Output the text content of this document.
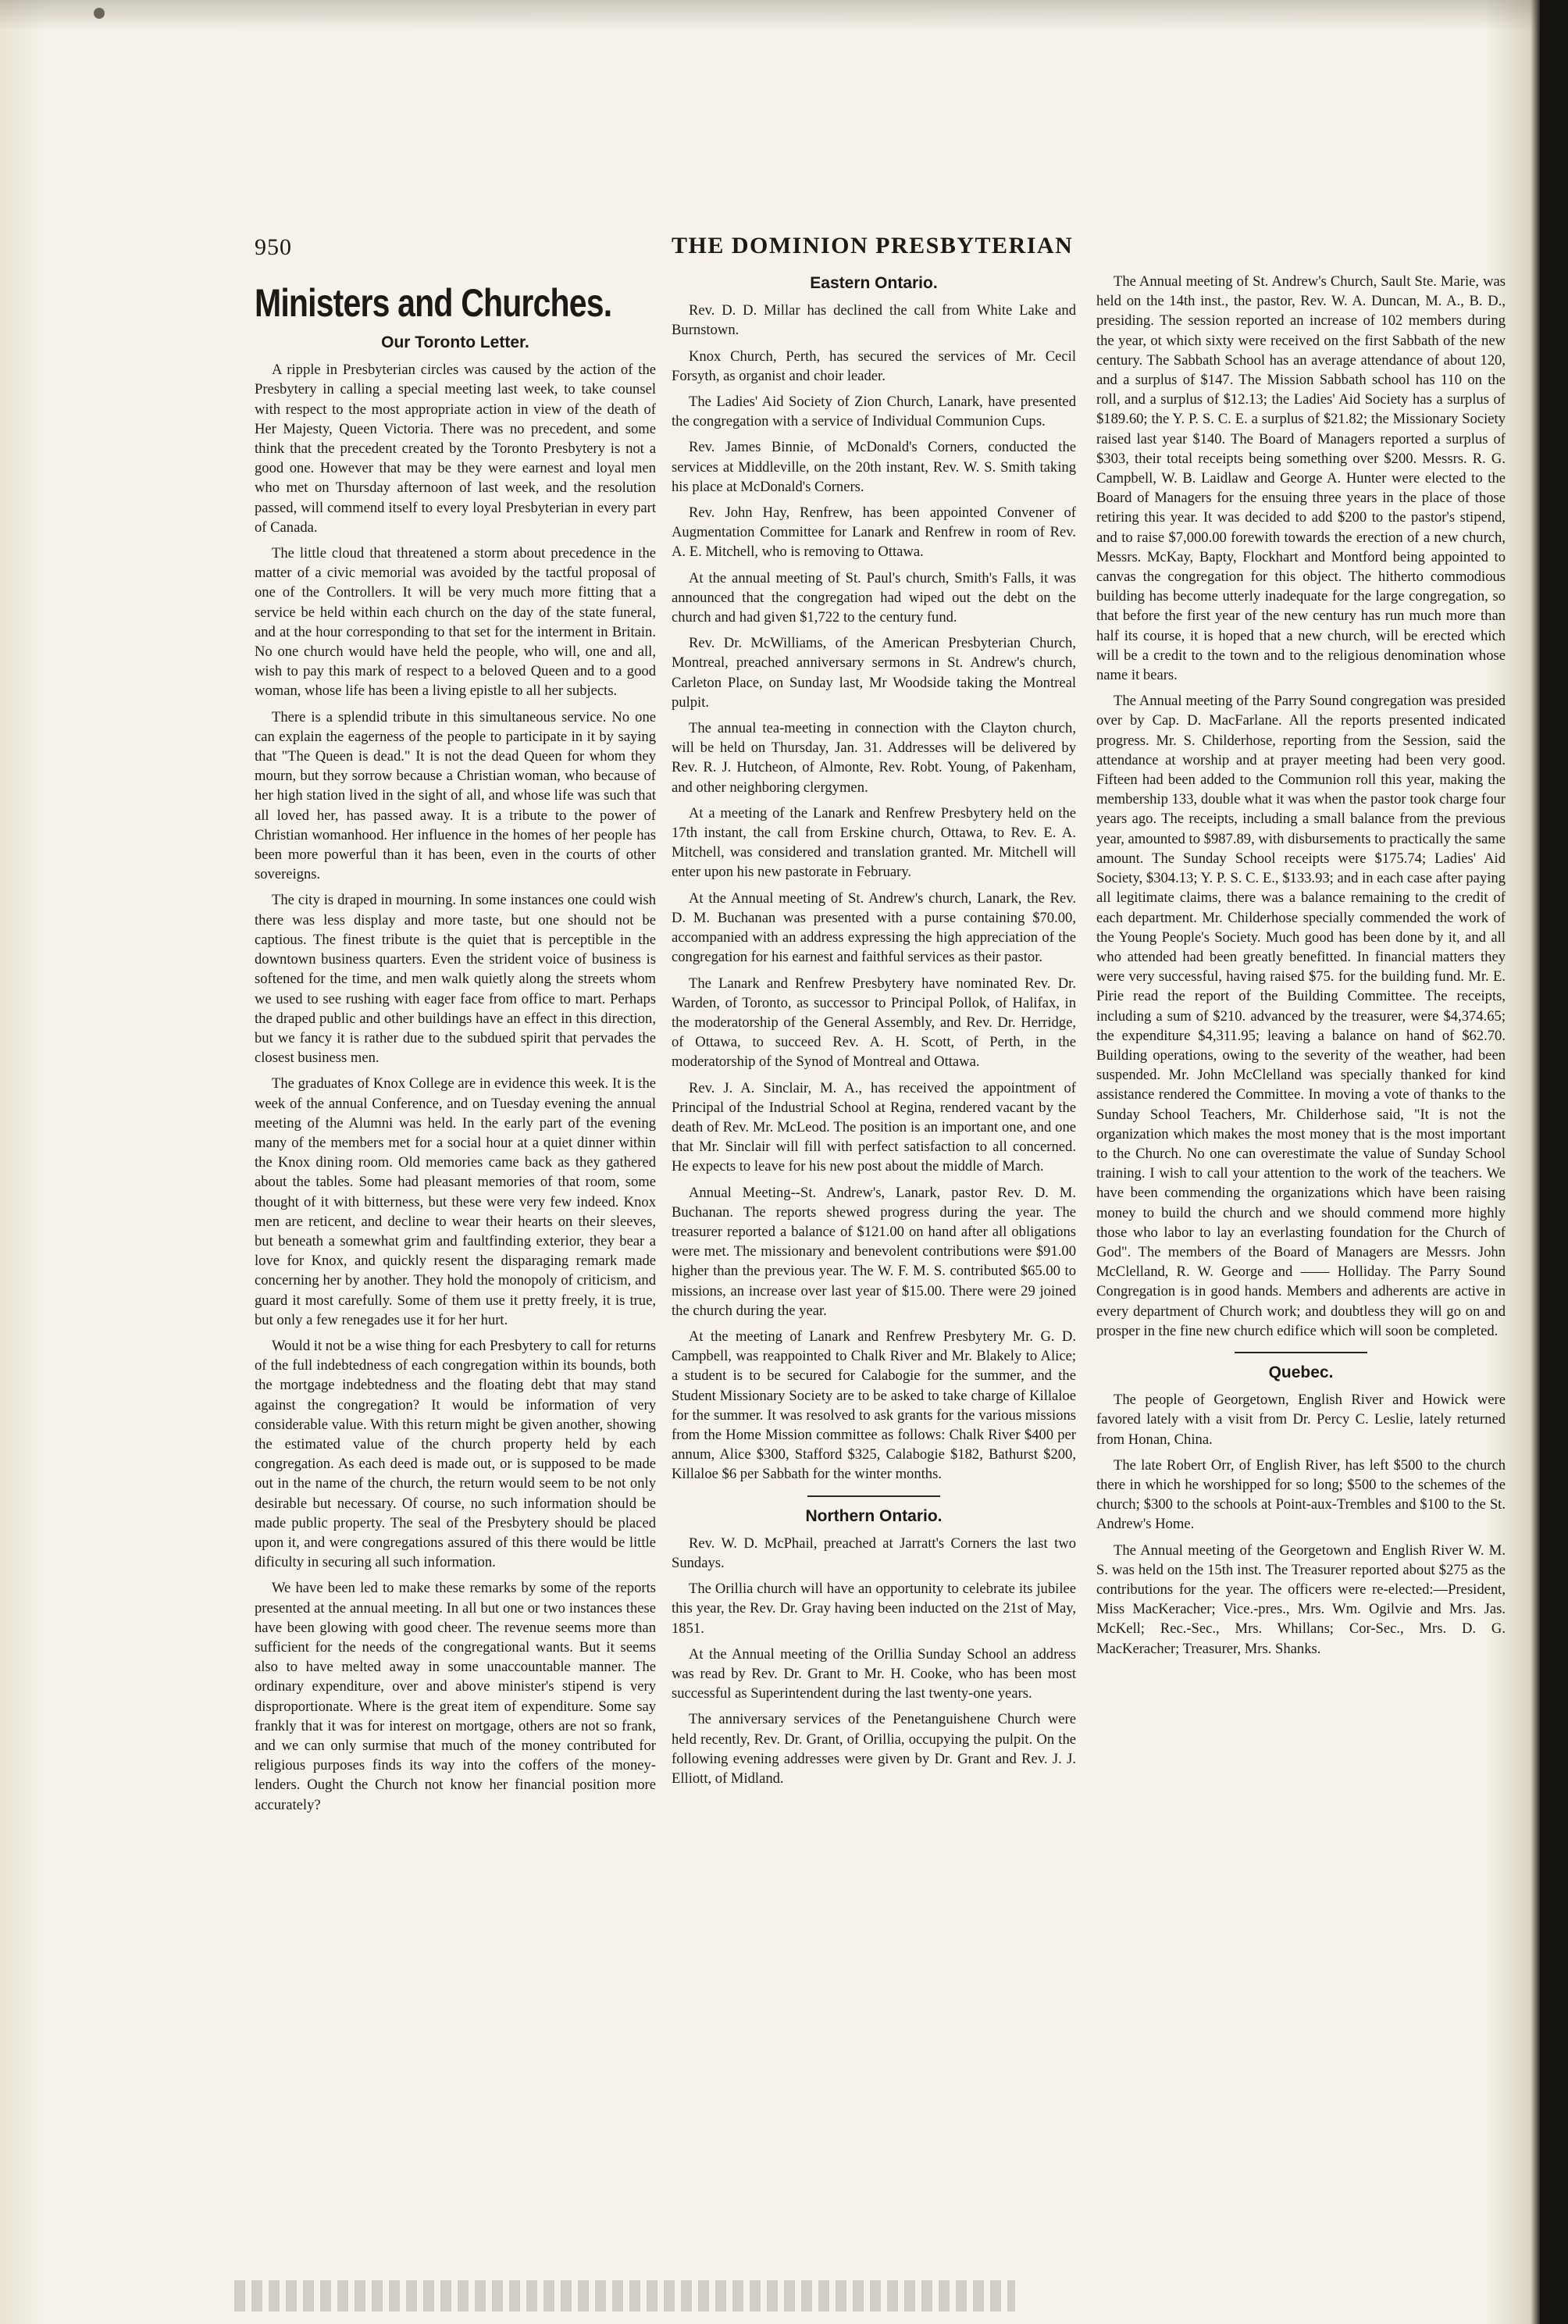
950	THE DOMINION PRESBYTERIAN
Ministers and Churches.
Our Toronto Letter.

A ripple in Presbyterian circles was caused by the action of the Presbytery in calling a special meeting last week, to take counsel with respect to the most appropriate action in view of the death of Her Majesty, Queen Victoria. There was no precedent, and some think that the precedent created by the Toronto Presbytery is not a good one. However that may be they were earnest and loyal men who met on Thursday afternoon of last week, and the resolution passed, will commend itself to every loyal Presbyterian in every part of Canada.

The little cloud that threatened a storm about precedence in the matter of a civic memorial was avoided by the tactful proposal of one of the Controllers. It will be very much more fitting that a service be held within each church on the day of the state funeral, and at the hour corresponding to that set for the interment in Britain. No one church would have held the people, who will, one and all, wish to pay this mark of respect to a beloved Queen and to a good woman, whose life has been a living epistle to all her subjects.

There is a splendid tribute in this simultaneous service. No one can explain the eagerness of the people to participate in it by saying that "The Queen is dead." It is not the dead Queen for whom they mourn, but they sorrow because a Christian woman, who because of her high station lived in the sight of all, and whose life was such that all loved her, has passed away. It is a tribute to the power of Christian womanhood. Her influence in the homes of her people has been more powerful than it has been, even in the courts of other sovereigns.

The city is draped in mourning. In some instances one could wish there was less display and more taste, but one should not be captious. The finest tribute is the quiet that is perceptible in the downtown business quarters. Even the strident voice of business is softened for the time, and men walk quietly along the streets whom we used to see rushing with eager face from office to mart. Perhaps the draped public and other buildings have an effect in this direction, but we fancy it is rather due to the subdued spirit that pervades the closest business men.

The graduates of Knox College are in evidence this week. It is the week of the annual Conference, and on Tuesday evening the annual meeting of the Alumni was held. In the early part of the evening many of the members met for a social hour at a quiet dinner within the Knox dining room. Old memories came back as they gathered about the tables. Some had pleasant memories of that room, some thought of it with bitterness, but these were very few indeed. Knox men are reticent, and decline to wear their hearts on their sleeves, but beneath a somewhat grim and faultfinding exterior, they bear a love for Knox, and quickly resent the disparaging remark made concerning her by another. They hold the monopoly of criticism, and guard it most carefully. Some of them use it pretty freely, it is true, but only a few renegades use it for her hurt.

Would it not be a wise thing for each Presbytery to call for returns of the full indebtedness of each congregation within its bounds, both the mortgage indebtedness and the floating debt that may stand against the congregation? It would be information of very considerable value. With this return might be given another, showing the estimated value of the church property held by each congregation. As each deed is made out, or is supposed to be made out in the name of the church, the return would seem to be not only desirable but necessary. Of course, no such information should be made public property. The seal of the Presbytery should be placed upon it, and were congregations assured of this there would be little dificulty in securing all such information.

We have been led to make these remarks by some of the reports presented at the annual meeting. In all but one or two instances these have been glowing with good cheer. The revenue seems more than sufficient for the needs of the congregational wants. But it seems also to have melted away in some unaccountable manner. The ordinary expenditure, over and above minister's stipend is very disproportionate. Where is the great item of expenditure. Some say frankly that it was for interest on mortgage, others are not so frank, and we can only surmise that much of the money contributed for religious purposes finds its way into the coffers of the money-lenders. Ought the Church not know her financial position more accurately?

Eastern Ontario.

Rev. D. D. Millar has declined the call from White Lake and Burnstown.

Knox Church, Perth, has secured the services of Mr. Cecil Forsyth, as organist and choir leader.

The Ladies' Aid Society of Zion Church, Lanark, have presented the congregation with a service of Individual Communion Cups.

Rev. James Binnie, of McDonald's Corners, conducted the services at Middleville, on the 20th instant, Rev. W. S. Smith taking his place at McDonald's Corners.

Rev. John Hay, Renfrew, has been appointed Convener of Augmentation Committee for Lanark and Renfrew in room of Rev. A. E. Mitchell, who is removing to Ottawa.

At the annual meeting of St. Paul's church, Smith's Falls, it was announced that the congregation had wiped out the debt on the church and had given $1,722 to the century fund.

Rev. Dr. McWilliams, of the American Presbyterian Church, Montreal, preached anniversary sermons in St. Andrew's church, Carleton Place, on Sunday last, Mr Woodside taking the Montreal pulpit.

The annual tea-meeting in connection with the Clayton church, will be held on Thursday, Jan. 31. Addresses will be delivered by Rev. R. J. Hutcheon, of Almonte, Rev. Robt. Young, of Pakenham, and other neighboring clergymen.

At a meeting of the Lanark and Renfrew Presbytery held on the 17th instant, the call from Erskine church, Ottawa, to Rev. E. A. Mitchell, was considered and translation granted. Mr. Mitchell will enter upon his new pastorate in February.

At the Annual meeting of St. Andrew's church, Lanark, the Rev. D. M. Buchanan was presented with a purse containing $70.00, accompanied with an address expressing the high appreciation of the congregation for his earnest and faithful services as their pastor.

The Lanark and Renfrew Presbytery have nominated Rev. Dr. Warden, of Toronto, as successor to Principal Pollok, of Halifax, in the moderatorship of the General Assembly, and Rev. Dr. Herridge, of Ottawa, to succeed Rev. A. H. Scott, of Perth, in the moderatorship of the Synod of Montreal and Ottawa.

Rev. J. A. Sinclair, M. A., has received the appointment of Principal of the Industrial School at Regina, rendered vacant by the death of Rev. Mr. McLeod. The position is an important one, and one that Mr. Sinclair will fill with perfect satisfaction to all concerned. He expects to leave for his new post about the middle of March.

Annual Meeting--St. Andrew's, Lanark, pastor Rev. D. M. Buchanan. The reports shewed progress during the year. The treasurer reported a balance of $121.00 on hand after all obligations were met. The missionary and benevolent contributions were $91.00 higher than the previous year. The W. F. M. S. contributed $65.00 to missions, an increase over last year of $15.00. There were 29 joined the church during the year.

At the meeting of Lanark and Renfrew Presbytery Mr. G. D. Campbell, was reappointed to Chalk River and Mr. Blakely to Alice; a student is to be secured for Calabogie for the summer, and the Student Missionary Society are to be asked to take charge of Killaloe for the summer. It was resolved to ask grants for the various missions from the Home Mission committee as follows: Chalk River $400 per annum, Alice $300, Stafford $325, Calabogie $182, Bathurst $200, Killaloe $6 per Sabbath for the winter months.

Northern Ontario.

Rev. W. D. McPhail, preached at Jarratt's Corners the last two Sundays.

The Orillia church will have an opportunity to celebrate its jubilee this year, the Rev. Dr. Gray having been inducted on the 21st of May, 1851.

At the Annual meeting of the Orillia Sunday School an address was read by Rev. Dr. Grant to Mr. H. Cooke, who has been most successful as Superintendent during the last twenty-one years.

The anniversary services of the Penetanguishene Church were held recently, Rev. Dr. Grant, of Orillia, occupying the pulpit. On the following evening addresses were given by Dr. Grant and Rev. J. J. Elliott, of Midland.

The Annual meeting of St. Andrew's Church, Sault Ste. Marie, was held on the 14th inst., the pastor, Rev. W. A. Duncan, M. A., B. D., presiding. The session reported an increase of 102 members during the year, ot which sixty were received on the first Sabbath of the new century. The Sabbath School has an average attendance of about 120, and a surplus of $147. The Mission Sabbath school has 110 on the roll, and a surplus of $12.13; the Ladies' Aid Society has a surplus of $189.60; the Y. P. S. C. E. a surplus of $21.82; the Missionary Society raised last year $140. The Board of Managers reported a surplus of $303, their total receipts being something over $200. Messrs. R. G. Campbell, W. B. Laidlaw and George A. Hunter were elected to the Board of Managers for the ensuing three years in the place of those retiring this year. It was decided to add $200 to the pastor's stipend, and to raise $7,000.00 forewith towards the erection of a new church, Messrs. McKay, Bapty, Flockhart and Montford being appointed to canvas the congregation for this object. The hitherto commodious building has become utterly inadequate for the large congregation, so that before the first year of the new century has run much more than half its course, it is hoped that a new church, will be erected which will be a credit to the town and to the religious denomination whose name it bears.

The Annual meeting of the Parry Sound congregation was presided over by Cap. D. MacFarlane. All the reports presented indicated progress. Mr. S. Childerhose, reporting from the Session, said the attendance at worship and at prayer meeting had been very good. Fifteen had been added to the Communion roll this year, making the membership 133, double what it was when the pastor took charge four years ago. The receipts, including a small balance from the previous year, amounted to $987.89, with disbursements to practically the same amount. The Sunday School receipts were $175.74; Ladies' Aid Society, $304.13; Y. P. S. C. E., $133.93; and in each case after paying all legitimate claims, there was a balance remaining to the credit of each department. Mr. Childerhose specially commended the work of the Young People's Society. Much good has been done by it, and all who attended had been greatly benefitted. In financial matters they were very successful, having raised $75. for the building fund. Mr. E. Pirie read the report of the Building Committee. The receipts, including a sum of $210. advanced by the treasurer, were $4,374.65; the expenditure $4,311.95; leaving a balance on hand of $62.70. Building operations, owing to the severity of the weather, had been suspended. Mr. John McClelland was specially thanked for kind assistance rendered the Committee. In moving a vote of thanks to the Sunday School Teachers, Mr. Childerhose said, "It is not the organization which makes the most money that is the most important to the Church. No one can overestimate the value of Sunday School training. I wish to call your attention to the work of the teachers. We have been commending the organizations which have been raising money to build the church and we should commend more highly those who labor to lay an everlasting foundation for the Church of God". The members of the Board of Managers are Messrs. John McClelland, R. W. George and —— Holliday. The Parry Sound Congregation is in good hands. Members and adherents are active in every department of Church work; and doubtless they will go on and prosper in the fine new church edifice which will soon be completed.

Quebec.

The people of Georgetown, English River and Howick were favored lately with a visit from Dr. Percy C. Leslie, lately returned from Honan, China.

The late Robert Orr, of English River, has left $500 to the church there in which he worshipped for so long; $500 to the schemes of the church; $300 to the schools at Point-aux-Trembles and $100 to the St. Andrew's Home.

The Annual meeting of the Georgetown and English River W. M. S. was held on the 15th inst. The Treasurer reported about $275 as the contributions for the year. The officers were re-elected:—President, Miss MacKeracher; Vice.-pres., Mrs. Wm. Ogilvie and Mrs. Jas. McKell; Rec.-Sec., Mrs. Whillans; Cor-Sec., Mrs. D. G. MacKeracher; Treasurer, Mrs. Shanks.
